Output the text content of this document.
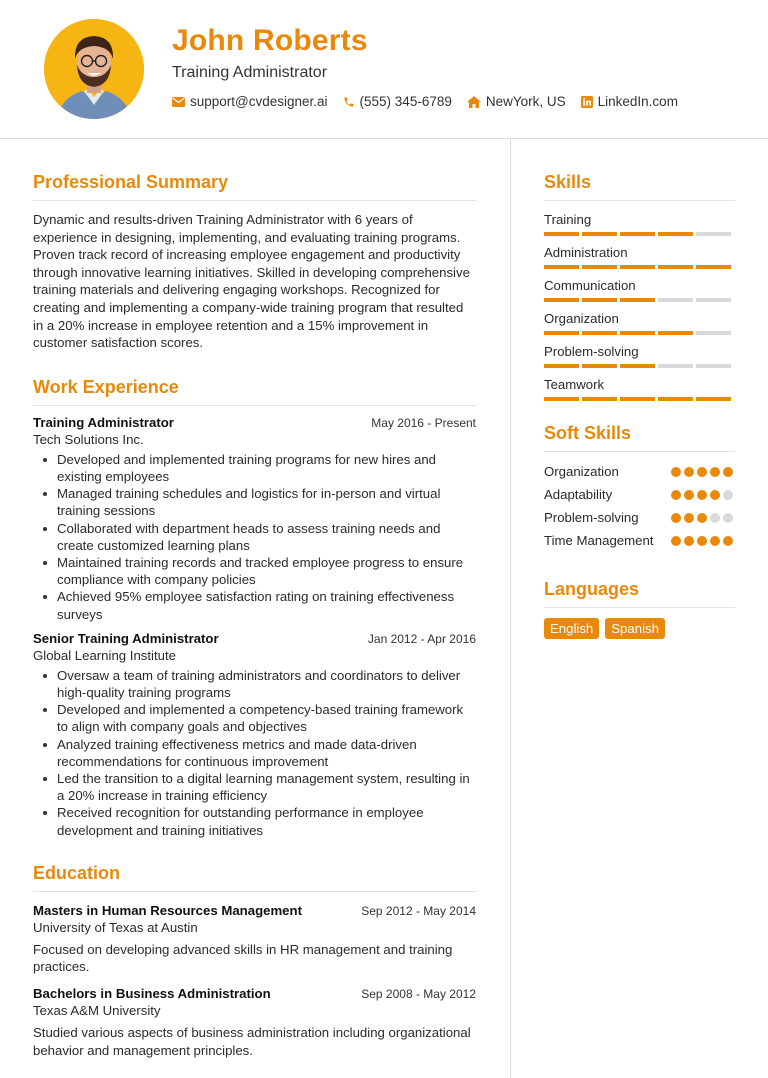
John Roberts
Training Administrator
support@cvdesigner.ai (555) 345-6789	NewYork, US LinkedIn.com
Professional Summary

Dynamic and results-driven Training Administrator with 6 years of experience in designing, implementing, and evaluating training programs. Proven track record of increasing employee engagement and productivity through innovative learning initiatives. Skilled in developing comprehensive training materials and delivering engaging workshops. Recognized for creating and implementing a company-wide training program that resulted in a 20% increase in employee retention and a 15% improvement in customer satisfaction scores.

Work Experience
Training Administrator	May 2016 - Present
Tech Solutions Inc.
Developed and implemented training programs for new hires and existing employees
Managed training schedules and logistics for in-person and virtual training sessions
Collaborated with department heads to assess training needs and create customized learning plans
Maintained training records and tracked employee progress to ensure compliance with company policies
Achieved 95% employee satisfaction rating on training effectiveness surveys
Senior Training Administrator	Jan 2012 - Apr 2016
Global Learning Institute
Oversaw a team of training administrators and coordinators to deliver high-quality training programs
Developed and implemented a competency-based training framework to align with company goals and objectives
Analyzed training effectiveness metrics and made data-driven recommendations for continuous improvement
Led the transition to a digital learning management system, resulting in a 20% increase in training efficiency
Received recognition for outstanding performance in employee development and training initiatives
Education
Masters in Human Resources Management	Sep 2012 - May 2014
University of Texas at Austin

Focused on developing advanced skills in HR management and training practices.

Bachelors in Business Administration	Sep 2008 - May 2012
Texas A&M University

Studied various aspects of business administration including organizational behavior and management principles.

Skills
Training
Administration
Communication
Organization
Problem-solving
Teamwork
Soft Skills
Organization
Adaptability
Problem-solving
Time Management
Languages
English	Spanish
